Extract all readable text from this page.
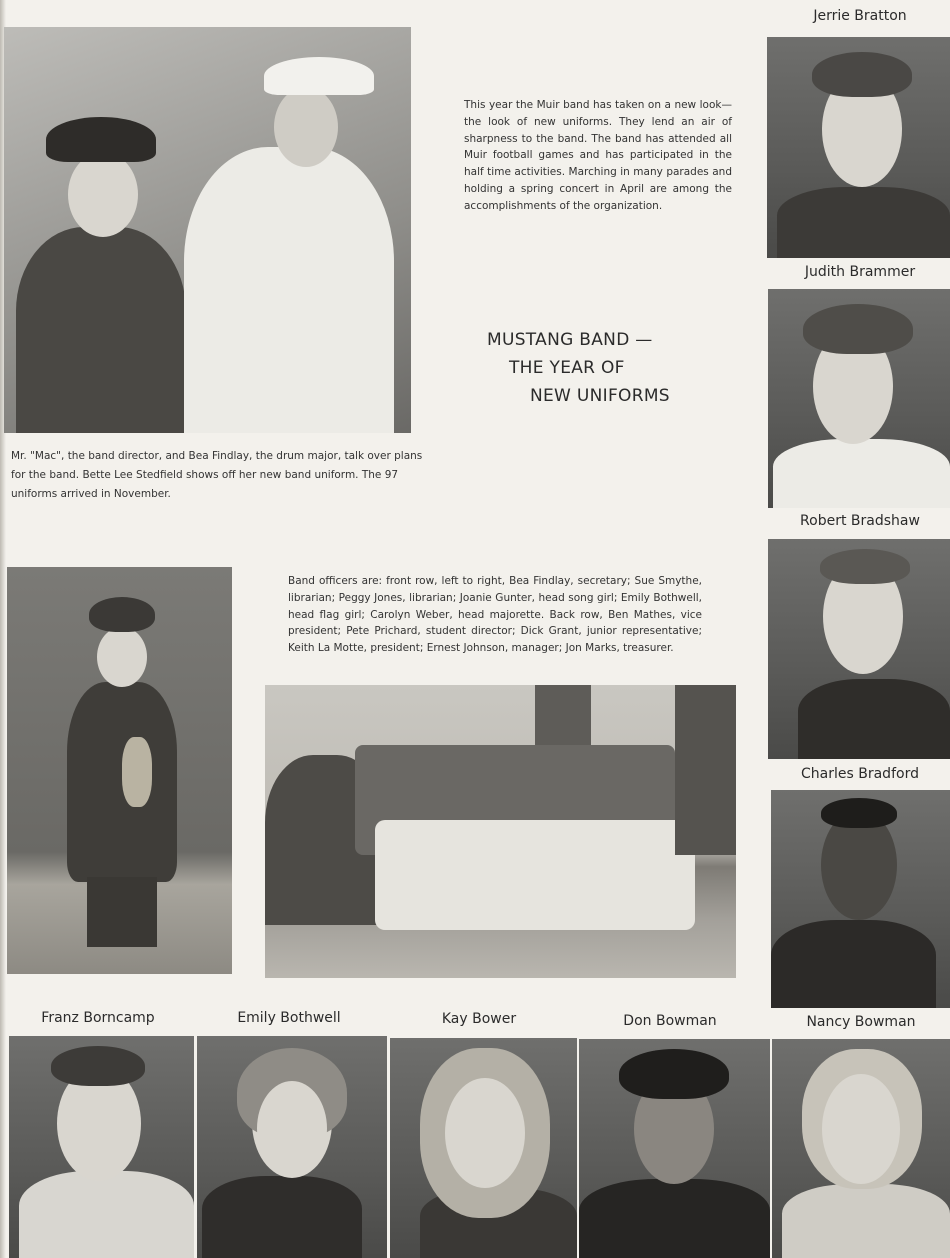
This year the Muir band has taken on a new look—the look of new uniforms. They lend an air of sharpness to the band. The band has attended all Muir football games and has participated in the half time activities. Marching in many parades and holding a spring concert in April are among the accomplishments of the organization.
MUSTANG BAND —
THE YEAR OF
NEW UNIFORMS
Mr. "Mac", the band director, and Bea Findlay, the drum major, talk over plans for the band. Bette Lee Stedfield shows off her new band uniform. The 97 uniforms arrived in November.
Band officers are: front row, left to right, Bea Findlay, secretary; Sue Smythe, librarian; Peggy Jones, librarian; Joanie Gunter, head song girl; Emily Bothwell, head flag girl; Carolyn Weber, head majorette. Back row, Ben Mathes, vice president; Pete Prichard, student director; Dick Grant, junior representative; Keith La Motte, president; Ernest Johnson, manager; Jon Marks, treasurer.
Jerrie Bratton
Judith Brammer
Robert Bradshaw
Charles Bradford
Franz Borncamp	Emily Bothwell	Kay Bower	Don Bowman	Nancy Bowman
